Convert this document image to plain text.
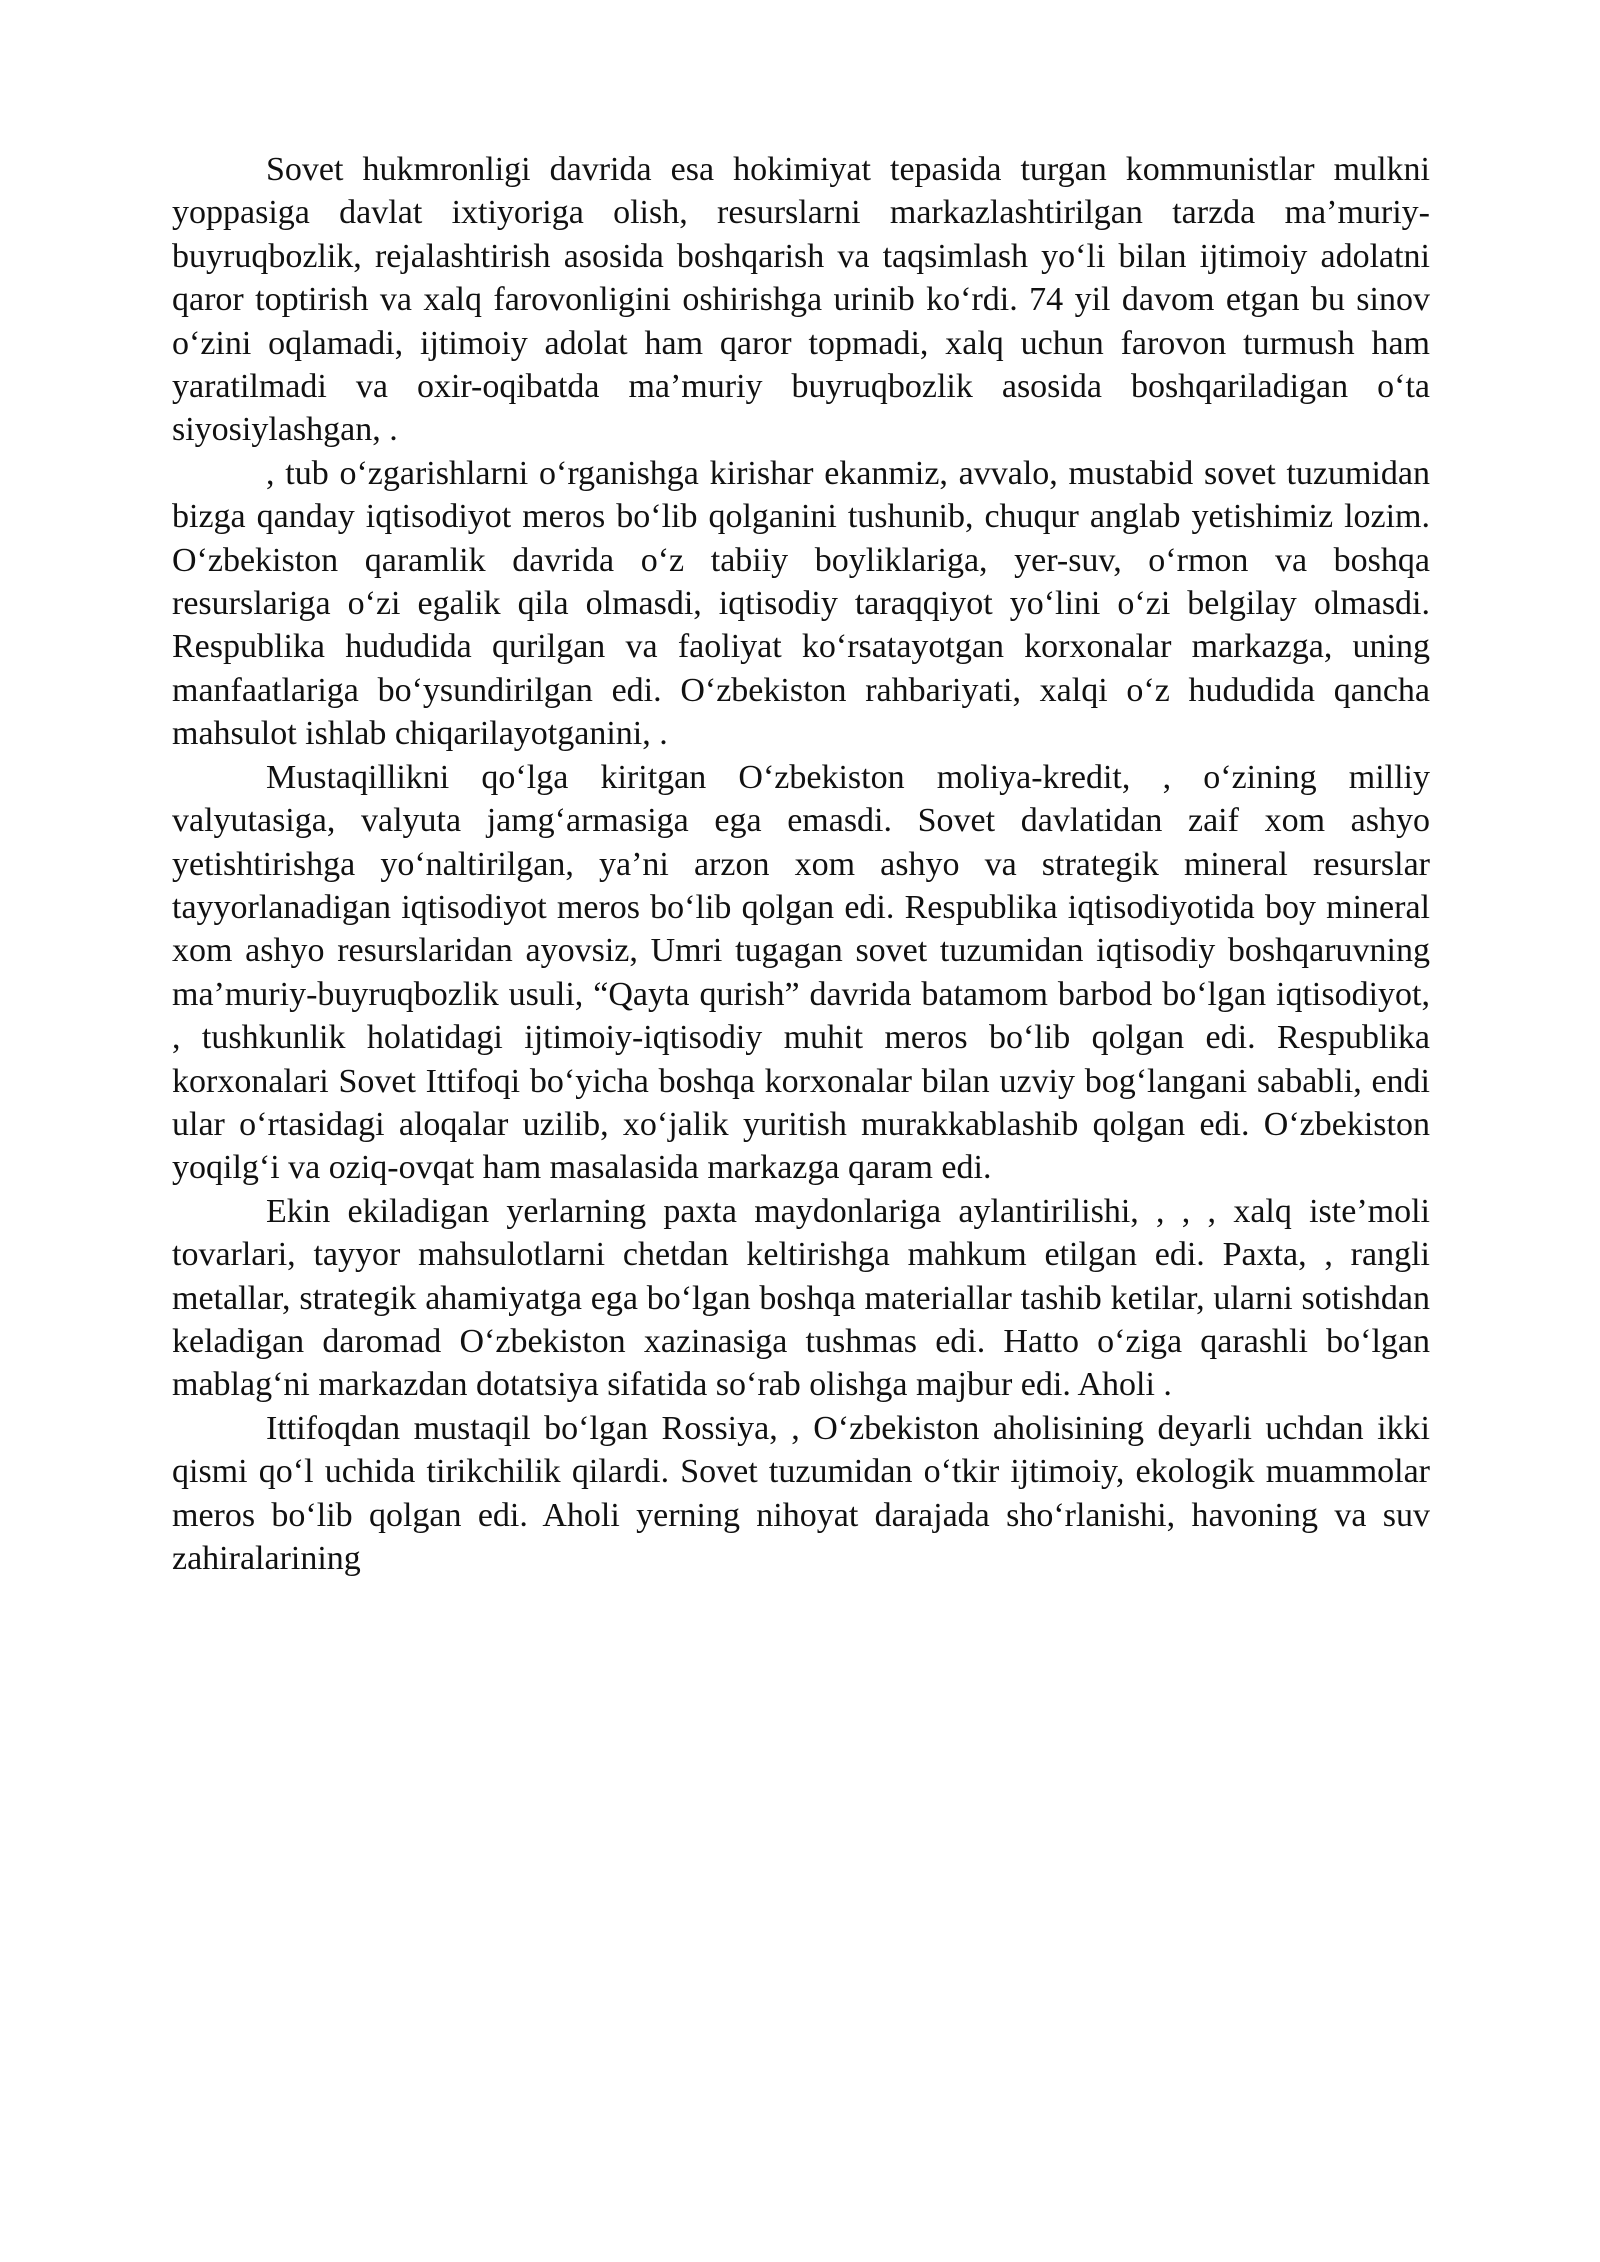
Sovet hukmronligi davrida esa hokimiyat tepasida turgan kommunistlar mulkni yoppasiga davlat ixtiyoriga olish, resurslarni markazlashtirilgan tarzda ma’muriy-buyruqbozlik, rejalashtirish asosida boshqarish va taqsimlash yo‘li bilan ijtimoiy adolatni qaror toptirish va xalq farovonligini oshirishga urinib ko‘rdi. 74 yil davom etgan bu sinov o‘zini oqlamadi, ijtimoiy adolat ham qaror topmadi, xalq uchun farovon turmush ham yaratilmadi va oxir-oqibatda ma’muriy buyruqbozlik asosida boshqariladigan o‘ta siyosiylashgan, .

, tub o‘zgarishlarni o‘rganishga kirishar ekanmiz, avvalo, mustabid sovet tuzumidan bizga qanday iqtisodiyot meros bo‘lib qolganini tushunib, chuqur anglab yetishimiz lozim. O‘zbekiston qaramlik davrida o‘z tabiiy boyliklariga, yer-suv, o‘rmon va boshqa resurslariga o‘zi egalik qila olmasdi, iqtisodiy taraqqiyot yo‘lini o‘zi belgilay olmasdi. Respublika hududida qurilgan va faoliyat ko‘rsatayotgan korxonalar markazga, uning manfaatlariga bo‘ysundirilgan edi. O‘zbekiston rahbariyati, xalqi o‘z hududida qancha mahsulot ishlab chiqarilayotganini, .

Mustaqillikni qo‘lga kiritgan O‘zbekiston moliya-kredit, , o‘zining milliy valyutasiga, valyuta jamg‘armasiga ega emasdi. Sovet davlatidan zaif xom ashyo yetishtirishga yo‘naltirilgan, ya’ni arzon xom ashyo va strategik mineral resurslar tayyorlanadigan iqtisodiyot meros bo‘lib qolgan edi. Respublika iqtisodiyotida boy mineral xom ashyo resurslaridan ayovsiz, Umri tugagan sovet tuzumidan iqtisodiy boshqaruvning ma’muriy-buyruqbozlik usuli, “Qayta qurish” davrida batamom barbod bo‘lgan iqtisodiyot, , tushkunlik holatidagi ijtimoiy-iqtisodiy muhit meros bo‘lib qolgan edi. Respublika korxonalari Sovet Ittifoqi bo‘yicha boshqa korxonalar bilan uzviy bog‘langani sababli, endi ular o‘rtasidagi aloqalar uzilib, xo‘jalik yuritish murakkablashib qolgan edi. O‘zbekiston yoqilg‘i va oziq-ovqat ham masalasida markazga qaram edi.

Ekin ekiladigan yerlarning paxta maydonlariga aylantirilishi, , , , xalq iste’moli tovarlari, tayyor mahsulotlarni chetdan keltirishga mahkum etilgan edi. Paxta, , rangli metallar, strategik ahamiyatga ega bo‘lgan boshqa materiallar tashib ketilar, ularni sotishdan keladigan daromad O‘zbekiston xazinasiga tushmas edi. Hatto o‘ziga qarashli bo‘lgan mablag‘ni markazdan dotatsiya sifatida so‘rab olishga majbur edi. Aholi .

Ittifoqdan mustaqil bo‘lgan Rossiya, , O‘zbekiston aholisining deyarli uchdan ikki qismi qo‘l uchida tirikchilik qilardi. Sovet tuzumidan o‘tkir ijtimoiy, ekologik muammolar meros bo‘lib qolgan edi. Aholi yerning nihoyat darajada sho‘rlanishi, havoning va suv zahiralarining
